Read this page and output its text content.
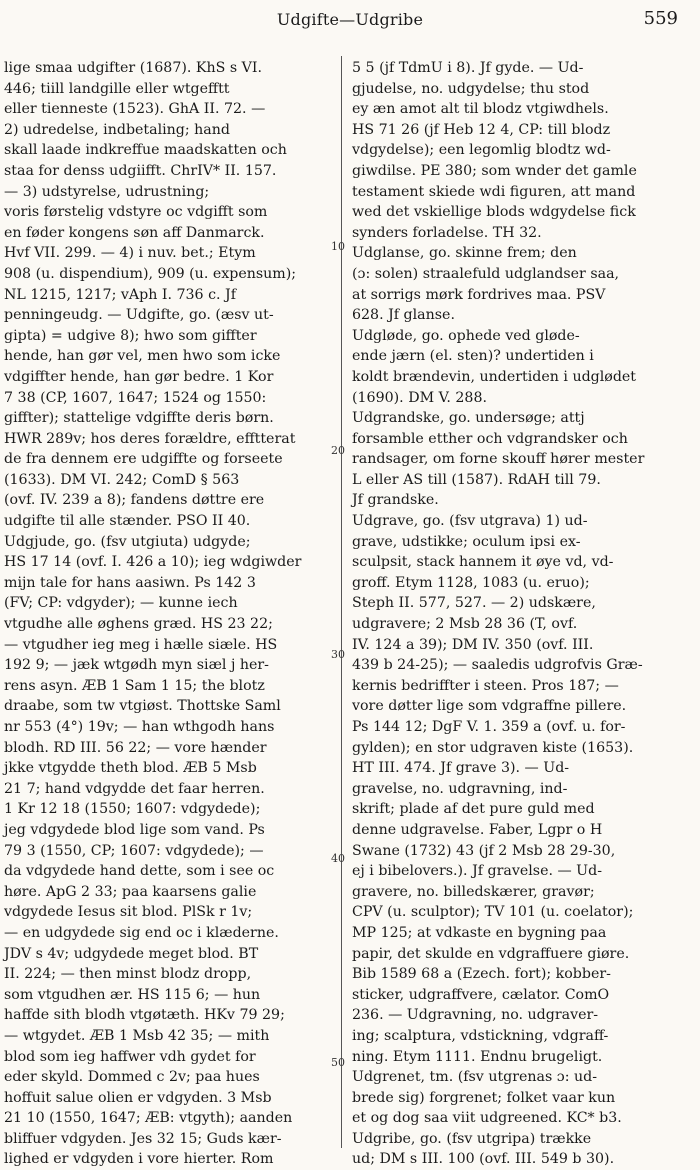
Udgifte—Udgribe	559
10
20
30
40
50
lige smaa udgifter (1687). KhS s VI.
446; tiill landgille eller wtgefftt
eller tienneste (1523). GhA II. 72. —
2) udredelse, indbetaling; hand
skall laade indkreffue maadskatten och
staa for denss udgiifft. ChrIV* II. 157.
— 3) udstyrelse, udrustning;
voris førstelig vdstyre oc vdgifft som
en føder kongens søn aff Danmarck.
Hvf VII. 299. — 4) i nuv. bet.; Etym
908 (u. dispendium), 909 (u. expensum);
NL 1215, 1217; vAph I. 736 c. Jf
penningeudg. — Udgifte, go. (æsv ut-
gipta) = udgive 8); hwo som giffter
hende, han gør vel, men hwo som icke
vdgiffter hende, han gør bedre. 1 Kor
7 38 (CP, 1607, 1647; 1524 og 1550:
giffter); stattelige vdgiffte deris børn.
HWR 289v; hos deres forældre, efftterat
de fra dennem ere udgiffte og forseete
(1633). DM VI. 242; ComD § 563
(ovf. IV. 239 a 8); fandens døttre ere
udgifte til alle stænder. PSO II 40.
Udgjude, go. (fsv utgiuta) udgyde;
HS 17 14 (ovf. I. 426 a 10); ieg wdgiwder
mijn tale for hans aasiwn. Ps 142 3
(FV; CP: vdgyder); — kunne iech
vtgudhe alle øghens græd. HS 23 22;
— vtgudher ieg meg i hælle siæle. HS
192 9; — jæk wtgødh myn siæl j her-
rens asyn. ÆB 1 Sam 1 15; the blotz
draabe, som tw vtgiøst. Thottske Saml
nr 553 (4°) 19v; — han wthgodh hans
blodh. RD III. 56 22; — vore hænder
jkke vtgydde theth blod. ÆB 5 Msb
21 7; hand vdgydde det faar herren.
1 Kr 12 18 (1550; 1607: vdgydede);
jeg vdgydede blod lige som vand. Ps
79 3 (1550, CP; 1607: vdgydede); —
da vdgydede hand dette, som i see oc
høre. ApG 2 33; paa kaarsens galie
vdgydede Iesus sit blod. PlSk r 1v;
— en udgydede sig end oc i klæderne.
JDV s 4v; udgydede meget blod. BT
II. 224; — then minst blodz dropp,
som vtgudhen ær. HS 115 6; — hun
haffde sith blodh vtgøtæth. HKv 79 29;
— wtgydet. ÆB 1 Msb 42 35; — mith
blod som ieg haffwer vdh gydet for
eder skyld. Dommed c 2v; paa hues
hoffuit salue olien er vdgyden. 3 Msb
21 10 (1550, 1647; ÆB: vtgyth); aanden
bliffuer vdgyden. Jes 32 15; Guds kær-
lighed er vdgyden i vore hierter. Rom
5 5 (jf TdmU i 8). Jf gyde. — Ud-
gjudelse, no. udgydelse; thu stod
ey æn amot alt til blodz vtgiwdhels.
HS 71 26 (jf Heb 12 4, CP: till blodz
vdgydelse); een legomlig blodtz wd-
giwdilse. PE 380; som wnder det gamle
testament skiede wdi figuren, att mand
wed det vskiellige blods wdgydelse fick
synders forladelse. TH 32.
Udglanse, go. skinne frem; den
(ɔ: solen) straalefuld udglandser saa,
at sorrigs mørk fordrives maa. PSV
628. Jf glanse.
Udgløde, go. ophede ved gløde-
ende jærn (el. sten)? undertiden i
koldt brændevin, undertiden i udglødet
(1690). DM V. 288.
Udgrandske, go. undersøge; attj
forsamble etther och vdgrandsker och
randsager, om forne skouff hører mester
L eller AS till (1587). RdAH till 79.
Jf grandske.
Udgrave, go. (fsv utgrava) 1) ud-
grave, udstikke; oculum ipsi ex-
sculpsit, stack hannem it øye vd, vd-
groff. Etym 1128, 1083 (u. eruo);
Steph II. 577, 527. — 2) udskære,
udgravere; 2 Msb 28 36 (T, ovf.
IV. 124 a 39); DM IV. 350 (ovf. III.
439 b 24-25); — saaledis udgrofvis Græ-
kernis bedriffter i steen. Pros 187; —
vore døtter lige som vdgraffne pillere.
Ps 144 12; DgF V. 1. 359 a (ovf. u. for-
gylden); en stor udgraven kiste (1653).
HT III. 474. Jf grave 3). — Ud-
gravelse, no. udgravning, ind-
skrift; plade af det pure guld med
denne udgravelse. Faber, Lgpr o H
Swane (1732) 43 (jf 2 Msb 28 29-30,
ej i bibelovers.). Jf gravelse. — Ud-
gravere, no. billedskærer, gravør;
CPV (u. sculptor); TV 101 (u. coelator);
MP 125; at vdkaste en bygning paa
papir, det skulde en vdgraffuere giøre.
Bib 1589 68 a (Ezech. fort); kobber-
sticker, udgraffvere, cælator. ComO
236. — Udgravning, no. udgraver-
ing; scalptura, vdstickning, vdgraff-
ning. Etym 1111. Endnu brugeligt.
Udgrenet, tm. (fsv utgrenas ɔ: ud-
brede sig) forgrenet; folket vaar kun
et og dog saa viit udgreened. KC* b3.
Udgribe, go. (fsv utgripa) trække
ud; DM s III. 100 (ovf. III. 549 b 30).
